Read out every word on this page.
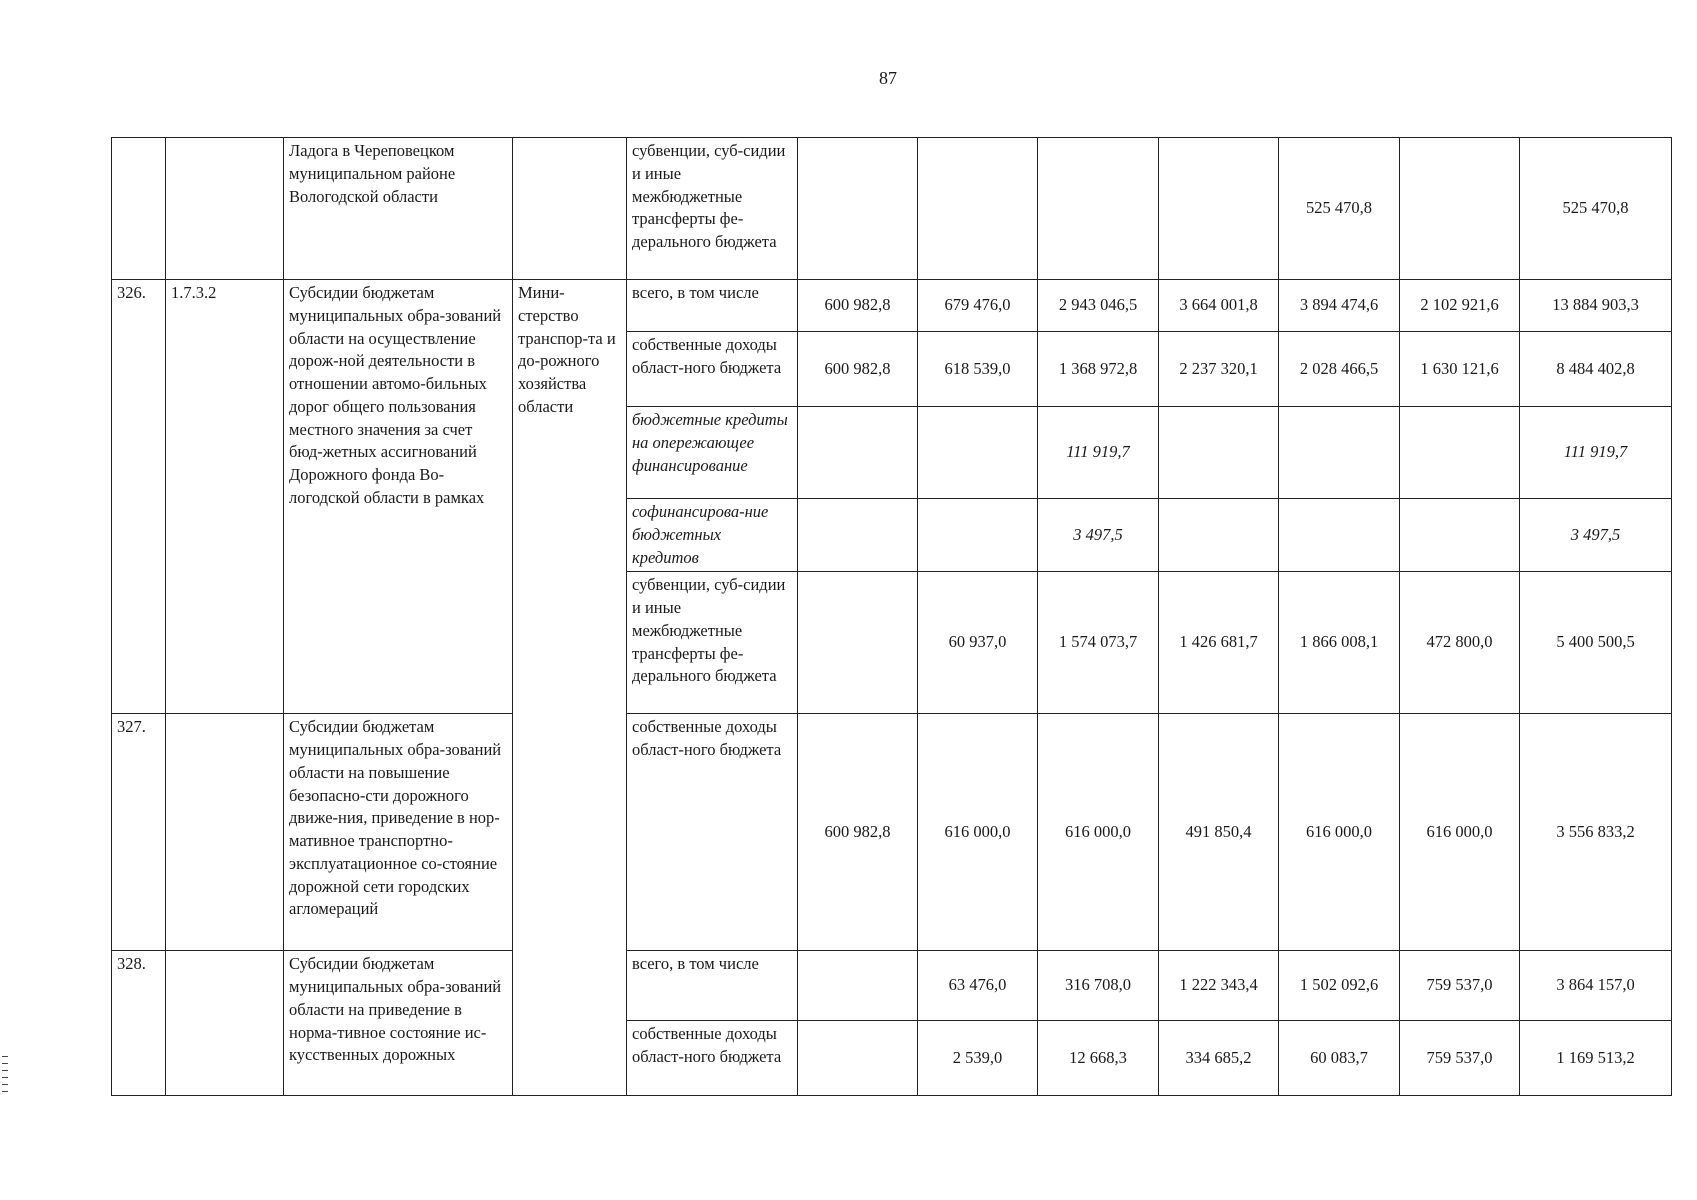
87
		Ладога в Череповецком муниципальном районе Вологодской области		субвенции, суб-сидии и иные межбюджетные трансферты фе-дерального бюджета					525 470,8		525 470,8
326.	1.7.3.2	Субсидии бюджетам муниципальных обра-зований области на осуществление дорож-ной деятельности в отношении автомо-бильных дорог общего пользования местного значения за счет бюд-жетных ассигнований Дорожного фонда Во-логодской области в рамках	Мини-стерство транспор-та и до-рожного хозяйства области	всего, в том числе	600 982,8	679 476,0	2 943 046,5	3 664 001,8	3 894 474,6	2 102 921,6	13 884 903,3

				собственные доходы област-ного бюджета	600 982,8	618 539,0	1 368 972,8	2 237 320,1	2 028 466,5	1 630 121,6	8 484 402,8

				бюджетные кредиты на опережающее финансирование			111 919,7				111 919,7

				софинансирова-ние бюджетных кредитов			3 497,5				3 497,5

				субвенции, суб-сидии и иные межбюджетные трансферты фе-дерального бюджета		60 937,0	1 574 073,7	1 426 681,7	1 866 008,1	472 800,0	5 400 500,5
327.		Субсидии бюджетам муниципальных обра-зований области на повышение безопасно-сти дорожного движе-ния, приведение в нор-мативное транспортно-эксплуатационное со-стояние дорожной сети городских агломераций		собственные доходы област-ного бюджета	600 982,8	616 000,0	616 000,0	491 850,4	616 000,0	616 000,0	3 556 833,2
328.		Субсидии бюджетам муниципальных обра-зований области на приведение в норма-тивное состояние ис-кусственных дорожных		всего, в том числе		63 476,0	316 708,0	1 222 343,4	1 502 092,6	759 537,0	3 864 157,0

				собственные доходы област-ного бюджета		2 539,0	12 668,3	334 685,2	60 083,7	759 537,0	1 169 513,2
